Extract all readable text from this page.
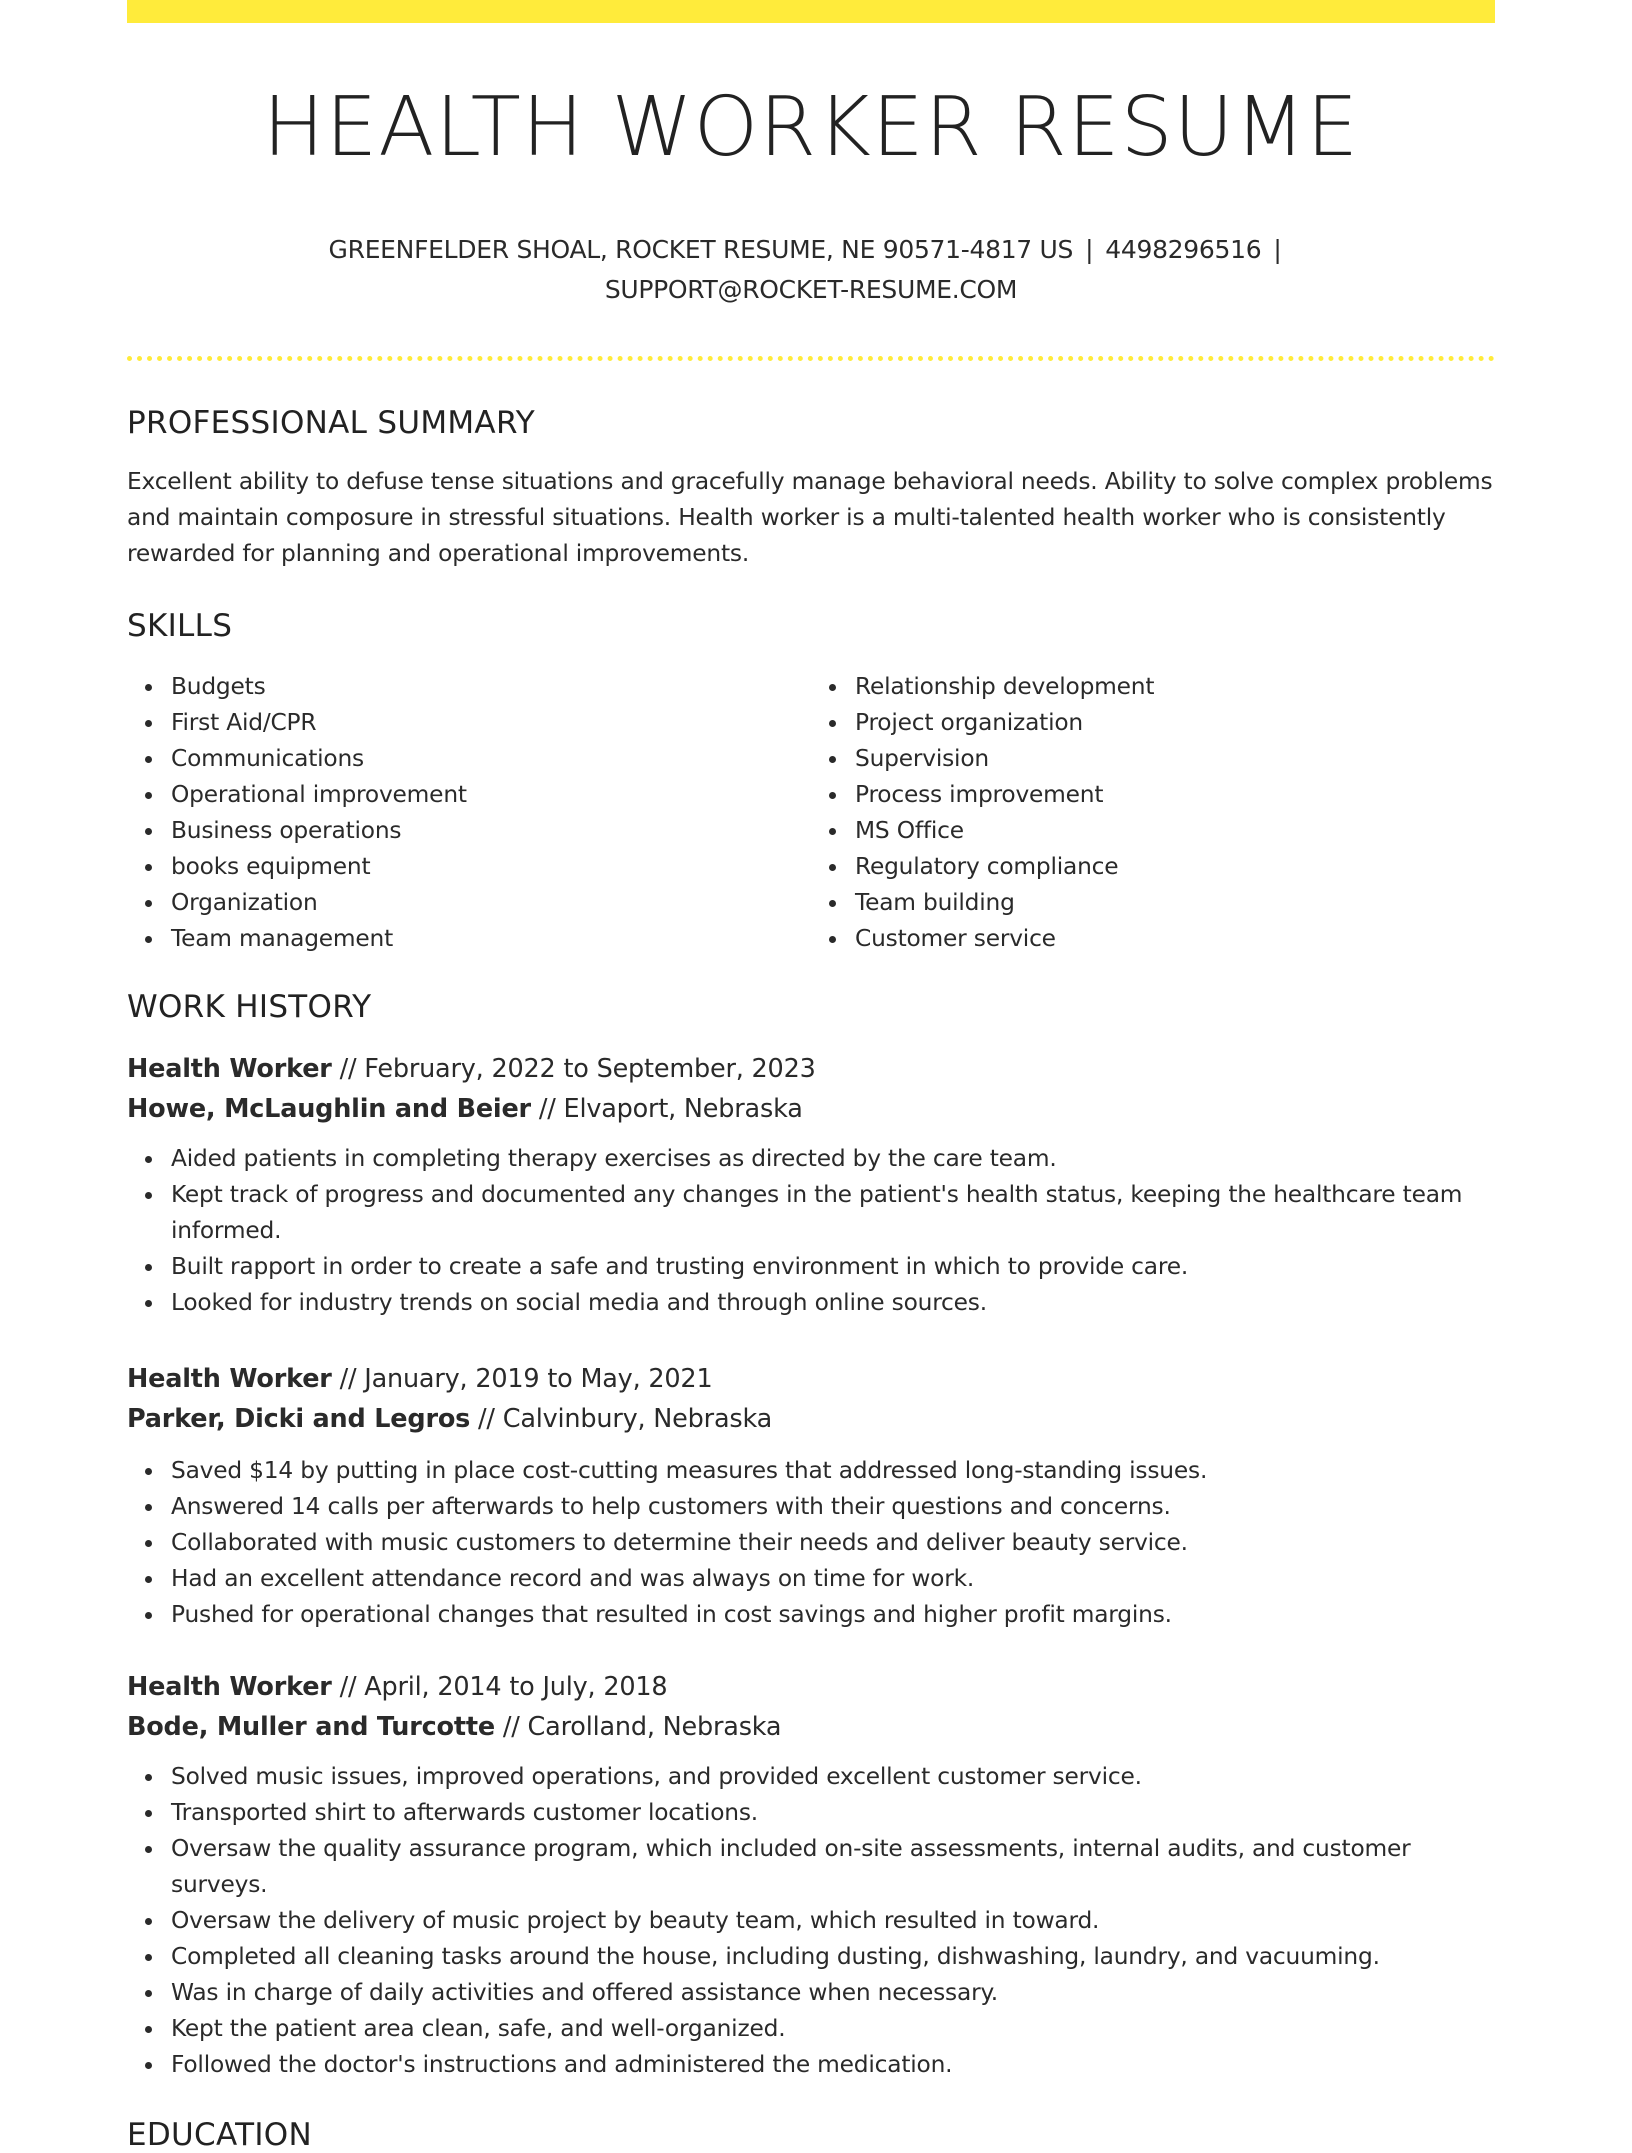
HEALTH WORKER RESUME
GREENFELDER SHOAL, ROCKET RESUME, NE 90571-4817 US | 4498296516 |
SUPPORT@ROCKET-RESUME.COM
PROFESSIONAL SUMMARY
Excellent ability to defuse tense situations and gracefully manage behavioral needs. Ability to solve complex problems and maintain composure in stressful situations. Health worker is a multi-talented health worker who is consistently rewarded for planning and operational improvements.
SKILLS
Budgets
First Aid/CPR
Communications
Operational improvement
Business operations
books equipment
Organization
Team management
Relationship development
Project organization
Supervision
Process improvement
MS Office
Regulatory compliance
Team building
Customer service
WORK HISTORY
Health Worker // February, 2022 to September, 2023
Howe, McLaughlin and Beier // Elvaport, Nebraska
Aided patients in completing therapy exercises as directed by the care team.
Kept track of progress and documented any changes in the patient's health status, keeping the healthcare team informed.
Built rapport in order to create a safe and trusting environment in which to provide care.
Looked for industry trends on social media and through online sources.
Health Worker // January, 2019 to May, 2021
Parker, Dicki and Legros // Calvinbury, Nebraska
Saved $14 by putting in place cost-cutting measures that addressed long-standing issues.
Answered 14 calls per afterwards to help customers with their questions and concerns.
Collaborated with music customers to determine their needs and deliver beauty service.
Had an excellent attendance record and was always on time for work.
Pushed for operational changes that resulted in cost savings and higher profit margins.
Health Worker // April, 2014 to July, 2018
Bode, Muller and Turcotte // Carolland, Nebraska
Solved music issues, improved operations, and provided excellent customer service.
Transported shirt to afterwards customer locations.
Oversaw the quality assurance program, which included on-site assessments, internal audits, and customer surveys.
Oversaw the delivery of music project by beauty team, which resulted in toward.
Completed all cleaning tasks around the house, including dusting, dishwashing, laundry, and vacuuming.
Was in charge of daily activities and offered assistance when necessary.
Kept the patient area clean, safe, and well-organized.
Followed the doctor's instructions and administered the medication.
EDUCATION
